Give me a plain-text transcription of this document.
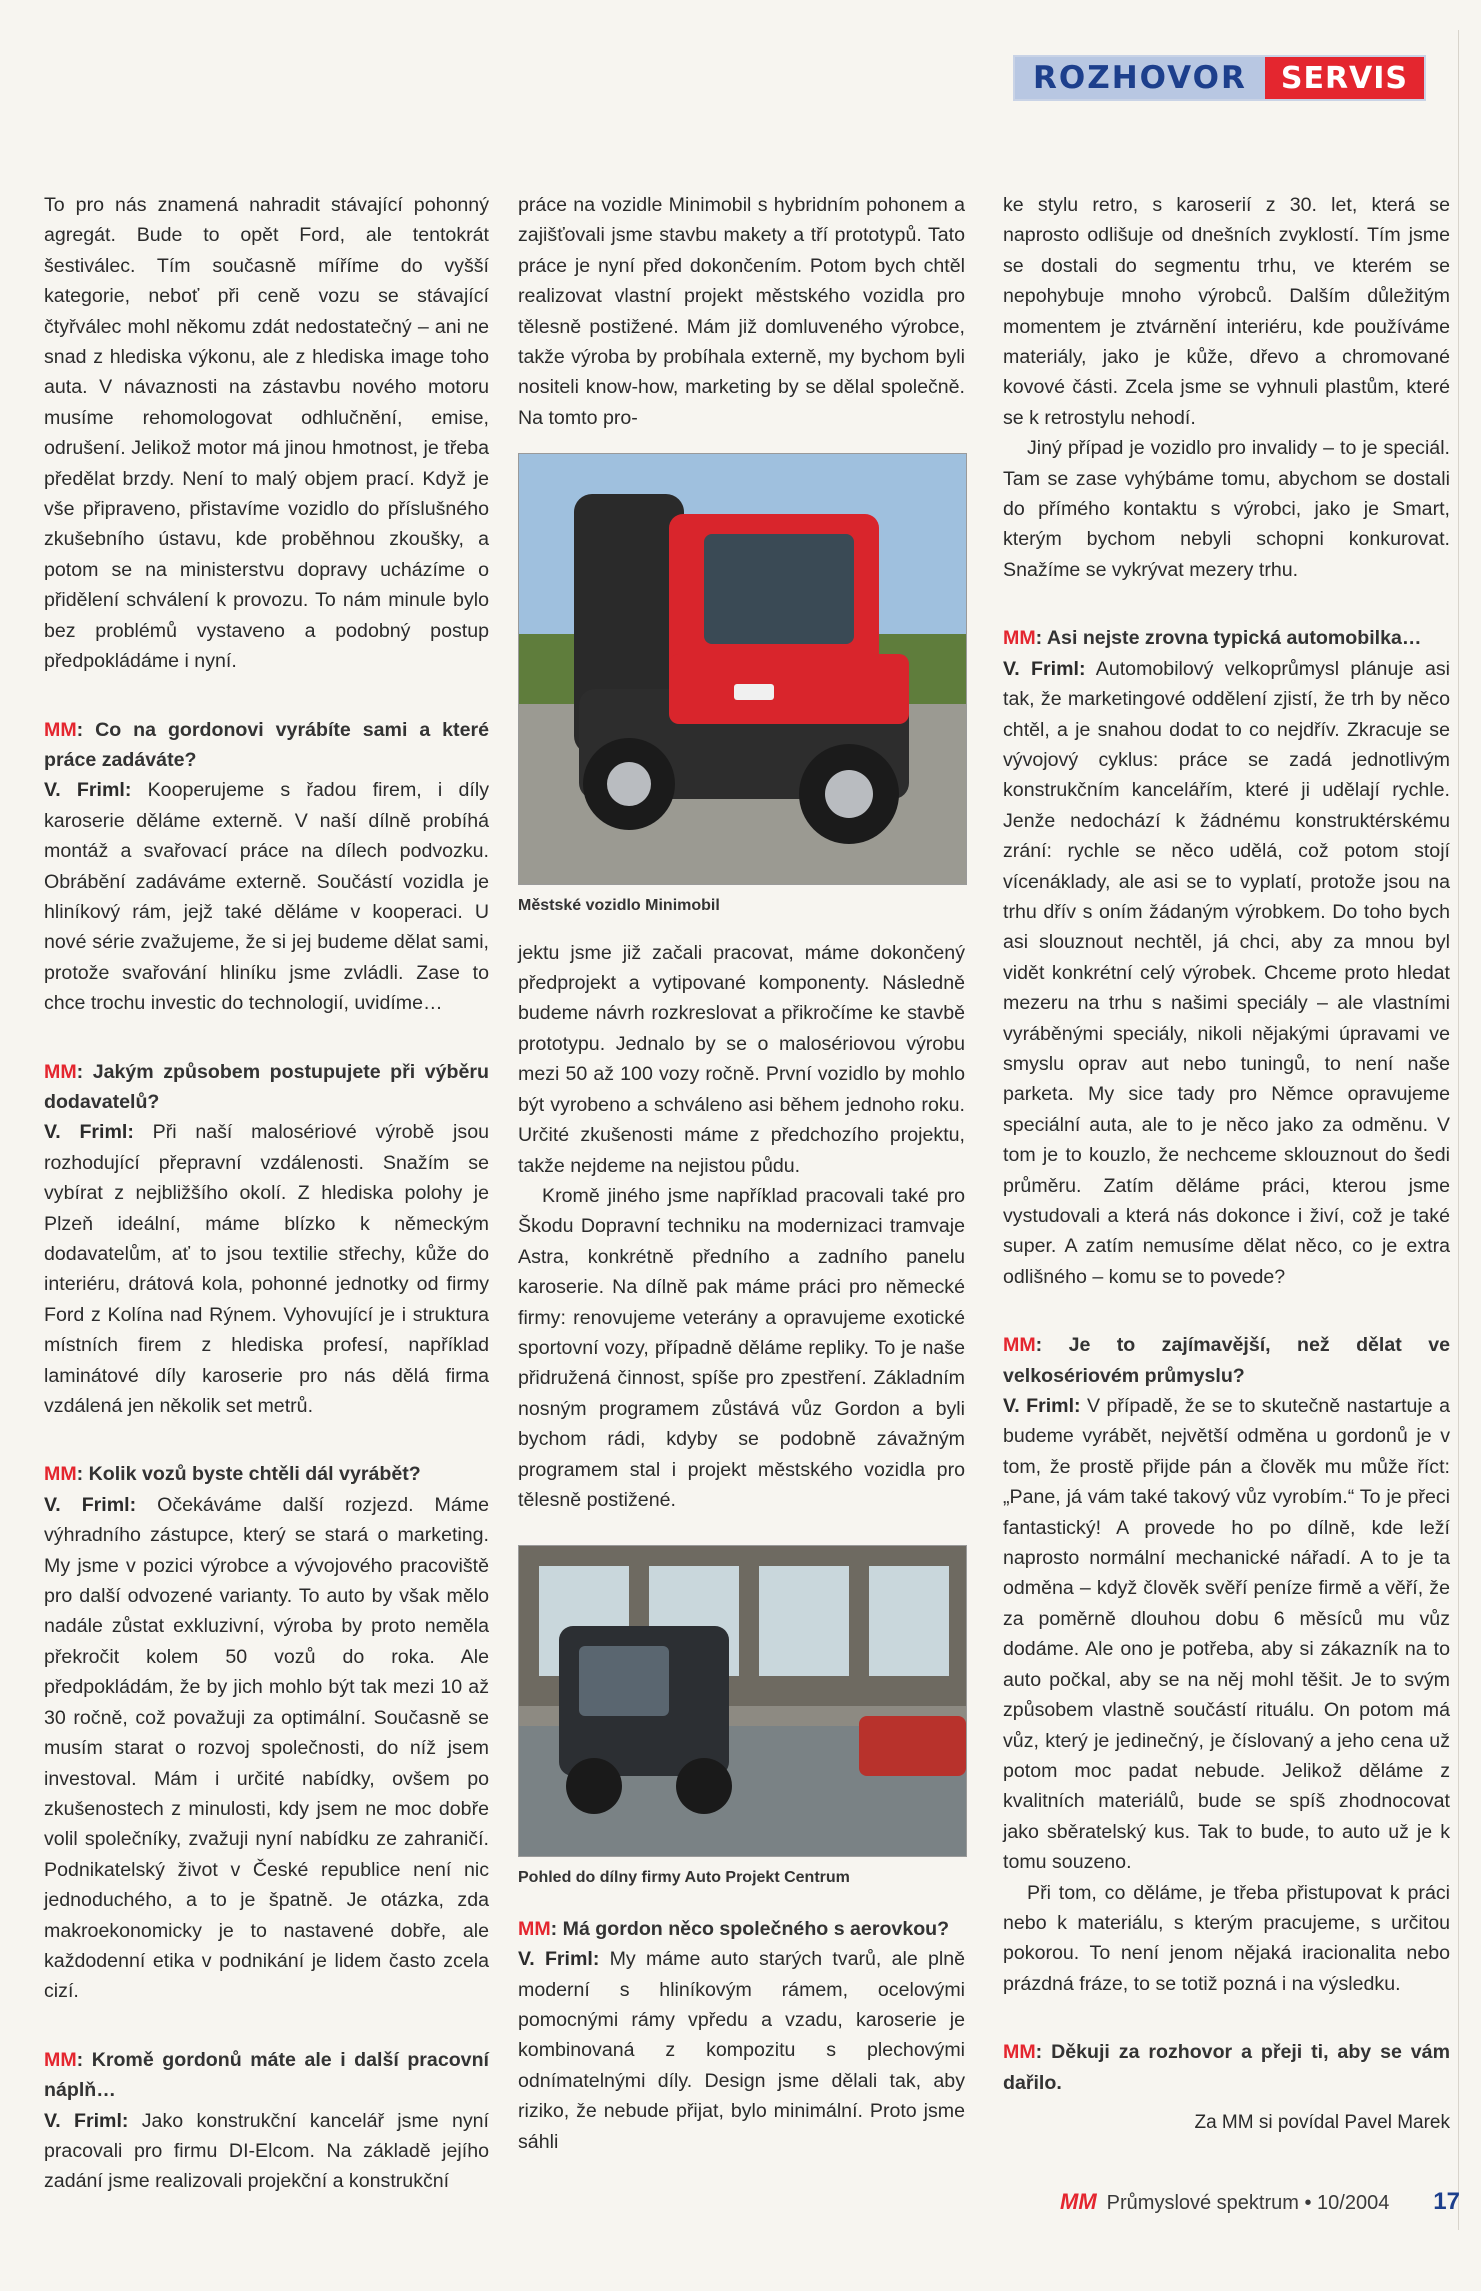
ROZHOVOR	SERVIS

To pro nás znamená nahradit stávající pohonný agregát. Bude to opět Ford, ale tentokrát šestiválec. Tím současně míříme do vyšší kategorie, neboť při ceně vozu se stávající čtyřválec mohl někomu zdát nedostatečný – ani ne snad z hlediska výkonu, ale z hlediska image toho auta. V návaznosti na zástavbu nového motoru musíme rehomologovat odhlučnění, emise, odrušení. Jelikož motor má jinou hmotnost, je třeba předělat brzdy. Není to malý objem prací. Když je vše připraveno, přistavíme vozidlo do příslušného zkušebního ústavu, kde proběhnou zkoušky, a potom se na ministerstvu dopravy ucházíme o přidělení schválení k provozu. To nám minule bylo bez problémů vystaveno a podobný postup předpokládáme i nyní.

MM: Co na gordonovi vyrábíte sami a které práce zadáváte?

V. Friml: Kooperujeme s řadou firem, i díly karoserie děláme externě. V naší dílně probíhá montáž a svařovací práce na dílech podvozku. Obrábění zadáváme externě. Součástí vozidla je hliníkový rám, jejž také děláme v kooperaci. U nové série zvažujeme, že si jej budeme dělat sami, protože svařování hliníku jsme zvládli. Zase to chce trochu investic do technologií, uvidíme…

MM: Jakým způsobem postupujete při výběru dodavatelů?

V. Friml: Při naší malosériové výrobě jsou rozhodující přepravní vzdálenosti. Snažím se vybírat z nejbližšího okolí. Z hlediska polohy je Plzeň ideální, máme blízko k německým dodavatelům, ať to jsou textilie střechy, kůže do interiéru, drátová kola, pohonné jednotky od firmy Ford z Kolína nad Rýnem. Vyhovující je i struktura místních firem z hlediska profesí, například laminátové díly karoserie pro nás dělá firma vzdálená jen několik set metrů.

MM: Kolik vozů byste chtěli dál vyrábět?

V. Friml: Očekáváme další rozjezd. Máme výhradního zástupce, který se stará o marketing. My jsme v pozici výrobce a vývojového pracoviště pro další odvozené varianty. To auto by však mělo nadále zůstat exkluzivní, výroba by proto neměla překročit kolem 50 vozů do roka. Ale předpokládám, že by jich mohlo být tak mezi 10 až 30 ročně, což považuji za optimální. Současně se musím starat o rozvoj společnosti, do níž jsem investoval. Mám i určité nabídky, ovšem po zkušenostech z minulosti, kdy jsem ne moc dobře volil společníky, zvažuji nyní nabídku ze zahraničí. Podnikatelský život v České republice není nic jednoduchého, a to je špatně. Je otázka, zda makroekonomicky je to nastavené dobře, ale každodenní etika v podnikání je lidem často zcela cizí.

MM: Kromě gordonů máte ale i další pracovní náplň…

V. Friml: Jako konstrukční kancelář jsme nyní pracovali pro firmu DI-Elcom. Na základě jejího zadání jsme realizovali projekční a konstrukční

práce na vozidle Minimobil s hybridním pohonem a zajišťovali jsme stavbu makety a tří prototypů. Tato práce je nyní před dokončením. Potom bych chtěl realizovat vlastní projekt městského vozidla pro tělesně postižené. Mám již domluveného výrobce, takže výroba by probíhala externě, my bychom byli nositeli know-how, marketing by se dělal společně. Na tomto pro-

Městské vozidlo Minimobil

jektu jsme již začali pracovat, máme dokončený předprojekt a vytipované komponenty. Následně budeme návrh rozkreslovat a přikročíme ke stavbě prototypu. Jednalo by se o malosériovou výrobu mezi 50 až 100 vozy ročně. První vozidlo by mohlo být vyrobeno a schváleno asi během jednoho roku. Určité zkušenosti máme z předchozího projektu, takže nejdeme na nejistou půdu.

Kromě jiného jsme například pracovali také pro Škodu Dopravní techniku na modernizaci tramvaje Astra, konkrétně předního a zadního panelu karoserie. Na dílně pak máme práci pro německé firmy: renovujeme veterány a opravujeme exotické sportovní vozy, případně děláme repliky. To je naše přidružená činnost, spíše pro zpestření. Základním nosným programem zůstává vůz Gordon a byli bychom rádi, kdyby se podobně závažným programem stal i projekt městského vozidla pro tělesně postižené.

Pohled do dílny firmy Auto Projekt Centrum

MM: Má gordon něco společného s aerovkou?

V. Friml: My máme auto starých tvarů, ale plně moderní s hliníkovým rámem, ocelovými pomocnými rámy vpředu a vzadu, karoserie je kombinovaná z kompozitu s plechovými odnímatelnými díly. Design jsme dělali tak, aby riziko, že nebude přijat, bylo minimální. Proto jsme sáhli

ke stylu retro, s karoserií z 30. let, která se naprosto odlišuje od dnešních zvyklostí. Tím jsme se dostali do segmentu trhu, ve kterém se nepohybuje mnoho výrobců. Dalším důležitým momentem je ztvárnění interiéru, kde používáme materiály, jako je kůže, dřevo a chromované kovové části. Zcela jsme se vyhnuli plastům, které se k retrostylu nehodí.

Jiný případ je vozidlo pro invalidy – to je speciál. Tam se zase vyhýbáme tomu, abychom se dostali do přímého kontaktu s výrobci, jako je Smart, kterým bychom nebyli schopni konkurovat. Snažíme se vykrývat mezery trhu.

MM: Asi nejste zrovna typická automobilka…

V. Friml: Automobilový velkoprůmysl plánuje asi tak, že marketingové oddělení zjistí, že trh by něco chtěl, a je snahou dodat to co nejdřív. Zkracuje se vývojový cyklus: práce se zadá jednotlivým konstrukčním kancelářím, které ji udělají rychle. Jenže nedochází k žádnému konstruktérskému zrání: rychle se něco udělá, což potom stojí vícenáklady, ale asi se to vyplatí, protože jsou na trhu dřív s oním žádaným výrobkem. Do toho bych asi slouznout nechtěl, já chci, aby za mnou byl vidět konkrétní celý výrobek. Chceme proto hledat mezeru na trhu s našimi speciály – ale vlastními vyráběnými speciály, nikoli nějakými úpravami ve smyslu oprav aut nebo tuningů, to není naše parketa. My sice tady pro Němce opravujeme speciální auta, ale to je něco jako za odměnu. V tom je to kouzlo, že nechceme sklouznout do šedi průměru. Zatím děláme práci, kterou jsme vystudovali a která nás dokonce i živí, což je také super. A zatím nemusíme dělat něco, co je extra odlišného – komu se to povede?

MM: Je to zajímavější, než dělat ve velkosériovém průmyslu?

V. Friml: V případě, že se to skutečně nastartuje a budeme vyrábět, největší odměna u gordonů je v tom, že prostě přijde pán a člověk mu může říct: „Pane, já vám také takový vůz vyrobím.“ To je přeci fantastický! A provede ho po dílně, kde leží naprosto normální mechanické nářadí. A to je ta odměna – když člověk svěří peníze firmě a věří, že za poměrně dlouhou dobu 6 měsíců mu vůz dodáme. Ale ono je potřeba, aby si zákazník na to auto počkal, aby se na něj mohl těšit. Je to svým způsobem vlastně součástí rituálu. On potom má vůz, který je jedinečný, je číslovaný a jeho cena už potom moc padat nebude. Jelikož děláme z kvalitních materiálů, bude se spíš zhodnocovat jako sběratelský kus. Tak to bude, to auto už je k tomu souzeno.

Při tom, co děláme, je třeba přistupovat k práci nebo k materiálu, s kterým pracujeme, s určitou pokorou. To není jenom nějaká iracionalita nebo prázdná fráze, to se totiž pozná i na výsledku.

MM: Děkuji za rozhovor a přeji ti, aby se vám dařilo.

Za MM si povídal Pavel Marek

MM Průmyslové spektrum • 10/2004 17
